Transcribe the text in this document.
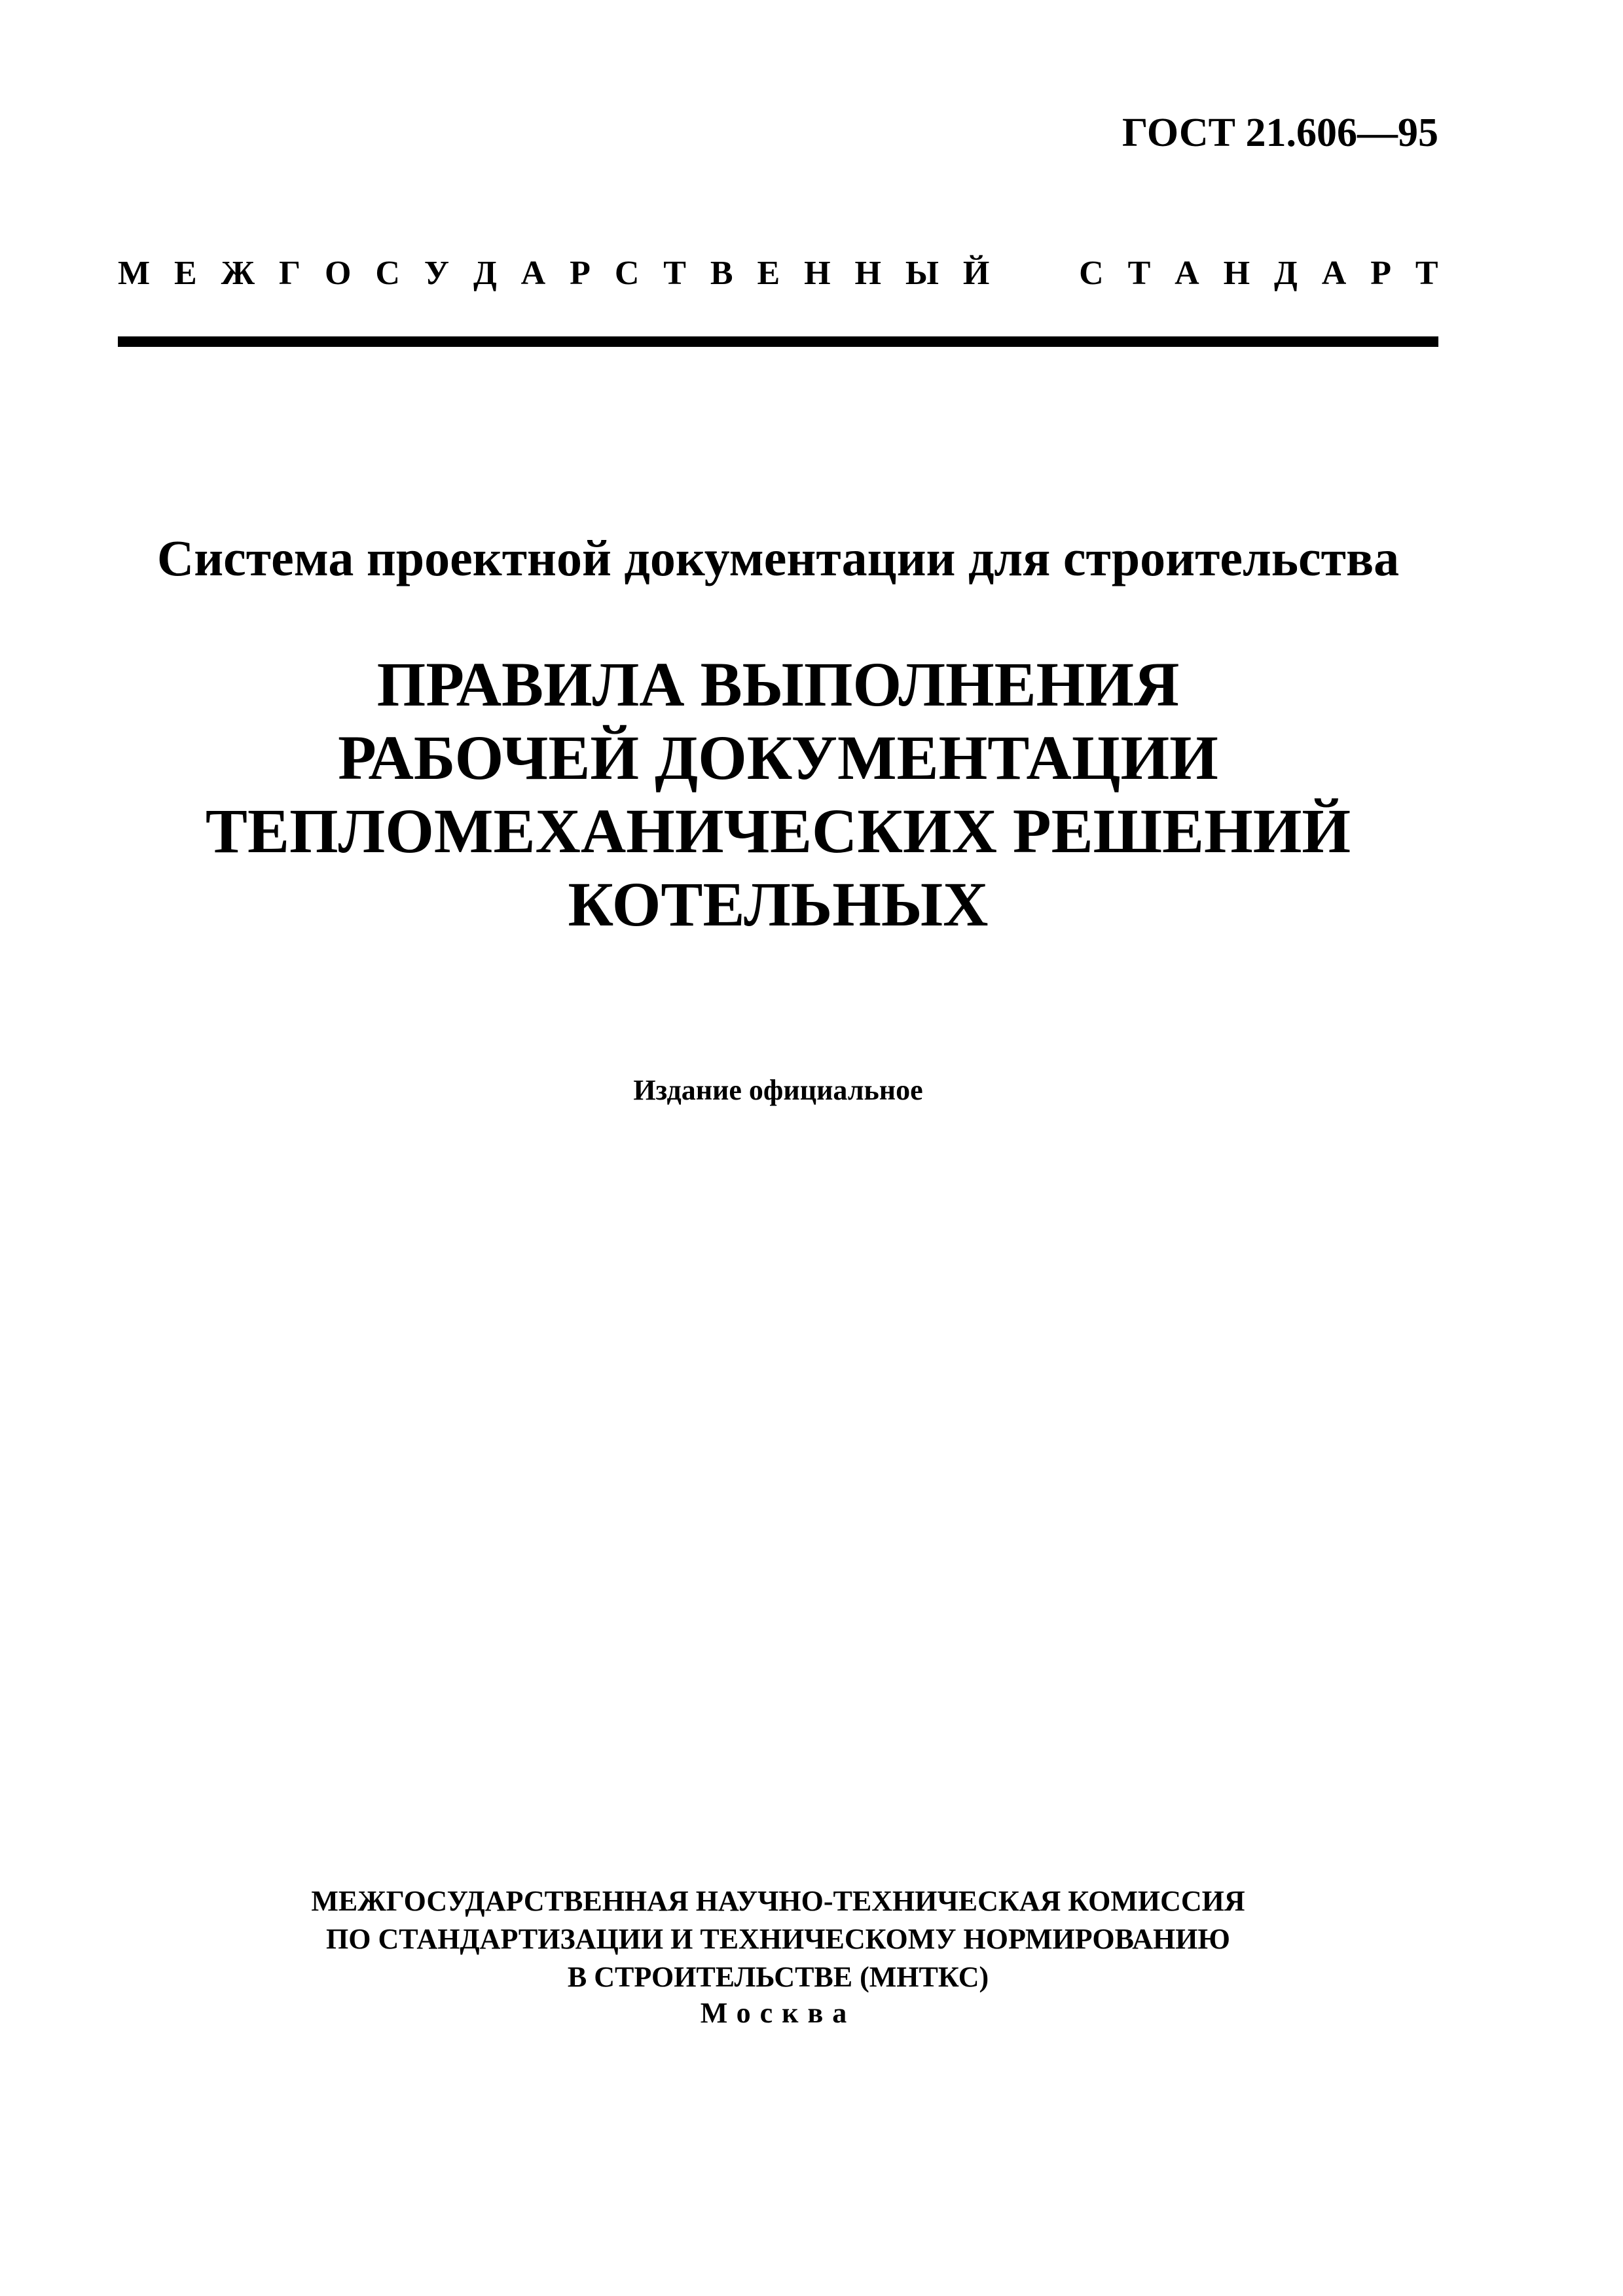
ГОСТ 21.606—95
М Е Ж Г О С У Д А Р С Т В Е Н Н Ы Й

	С Т А Н Д А Р Т
Система проектной документации для строительства
ПРАВИЛА ВЫПОЛНЕНИЯ
РАБОЧЕЙ ДОКУМЕНТАЦИИ
ТЕПЛОМЕХАНИЧЕСКИХ РЕШЕНИЙ
КОТЕЛЬНЫХ
Издание официальное
МЕЖГОСУДАРСТВЕННАЯ НАУЧНО-ТЕХНИЧЕСКАЯ КОМИССИЯ
ПО СТАНДАРТИЗАЦИИ И ТЕХНИЧЕСКОМУ НОРМИРОВАНИЮ
В СТРОИТЕЛЬСТВЕ (МНТКС)
Москва
